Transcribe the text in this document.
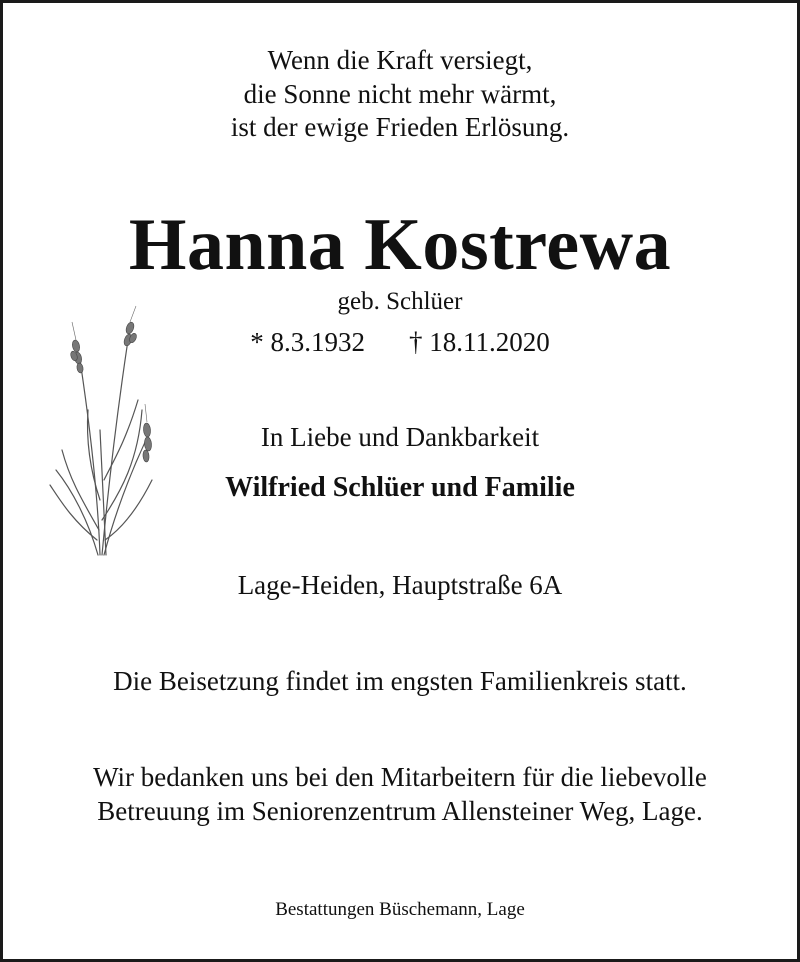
Wenn die Kraft versiegt,
die Sonne nicht mehr wärmt,
ist der ewige Frieden Erlösung.
Hanna Kostrewa
geb. Schlüer
* 8.3.1932 † 18.11.2020
In Liebe und Dankbarkeit
Wilfried Schlüer und Familie
Lage-Heiden, Hauptstraße 6A
Die Beisetzung findet im engsten Familienkreis statt.
Wir bedanken uns bei den Mitarbeitern für die liebevolle
Betreuung im Seniorenzentrum Allensteiner Weg, Lage.
Bestattungen Büschemann, Lage
